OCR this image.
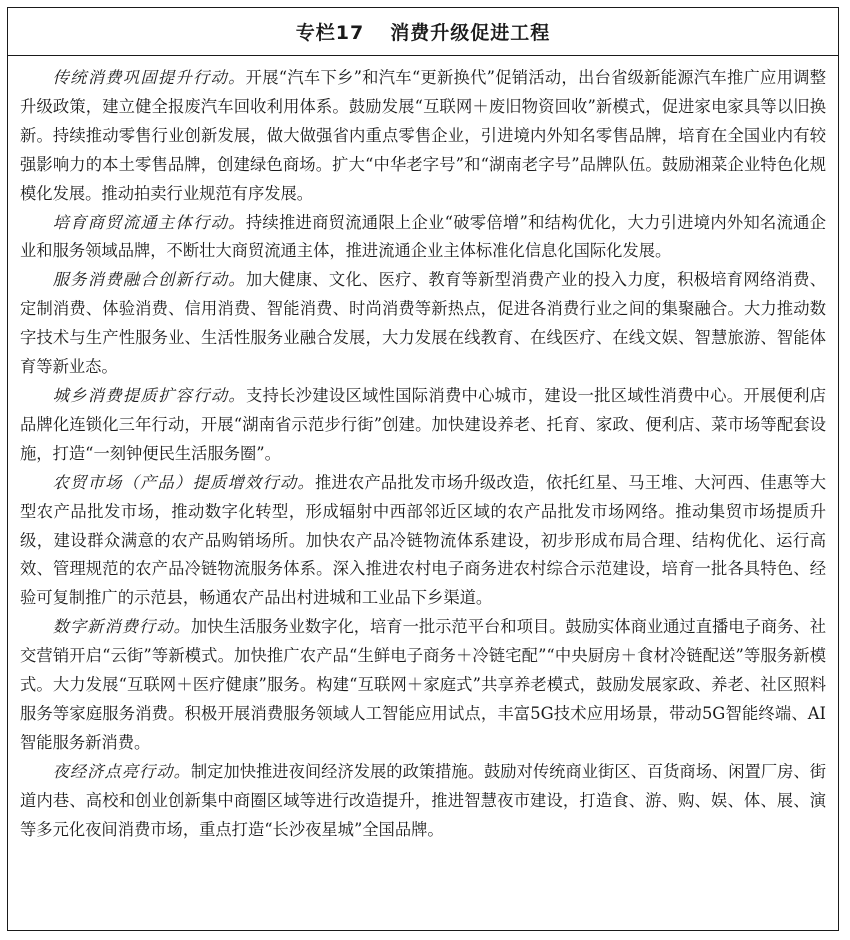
专栏17 消费升级促进工程

传统消费巩固提升行动。开展“汽车下乡”和汽车“更新换代”促销活动，出台省级新能源汽车推广应用调整升级政策，建立健全报废汽车回收利用体系。鼓励发展“互联网＋废旧物资回收”新模式，促进家电家具等以旧换新。持续推动零售行业创新发展，做大做强省内重点零售企业，引进境内外知名零售品牌，培育在全国业内有较强影响力的本土零售品牌，创建绿色商场。扩大“中华老字号”和“湖南老字号”品牌队伍。鼓励湘菜企业特色化规模化发展。推动拍卖行业规范有序发展。

培育商贸流通主体行动。持续推进商贸流通限上企业“破零倍增”和结构优化，大力引进境内外知名流通企业和服务领域品牌，不断壮大商贸流通主体，推进流通企业主体标准化信息化国际化发展。

服务消费融合创新行动。加大健康、文化、医疗、教育等新型消费产业的投入力度，积极培育网络消费、定制消费、体验消费、信用消费、智能消费、时尚消费等新热点，促进各消费行业之间的集聚融合。大力推动数字技术与生产性服务业、生活性服务业融合发展，大力发展在线教育、在线医疗、在线文娱、智慧旅游、智能体育等新业态。

城乡消费提质扩容行动。支持长沙建设区域性国际消费中心城市，建设一批区域性消费中心。开展便利店品牌化连锁化三年行动，开展“湖南省示范步行街”创建。加快建设养老、托育、家政、便利店、菜市场等配套设施，打造“一刻钟便民生活服务圈”。

农贸市场（产品）提质增效行动。推进农产品批发市场升级改造，依托红星、马王堆、大河西、佳惠等大型农产品批发市场，推动数字化转型，形成辐射中西部邻近区域的农产品批发市场网络。推动集贸市场提质升级，建设群众满意的农产品购销场所。加快农产品冷链物流体系建设，初步形成布局合理、结构优化、运行高效、管理规范的农产品冷链物流服务体系。深入推进农村电子商务进农村综合示范建设，培育一批各具特色、经验可复制推广的示范县，畅通农产品出村进城和工业品下乡渠道。

数字新消费行动。加快生活服务业数字化，培育一批示范平台和项目。鼓励实体商业通过直播电子商务、社交营销开启“云街”等新模式。加快推广农产品“生鲜电子商务＋冷链宅配”“中央厨房＋食材冷链配送”等服务新模式。大力发展“互联网＋医疗健康”服务。构建“互联网＋家庭式”共享养老模式，鼓励发展家政、养老、社区照料服务等家庭服务消费。积极开展消费服务领域人工智能应用试点，丰富5G技术应用场景，带动5G智能终端、AI智能服务新消费。

夜经济点亮行动。制定加快推进夜间经济发展的政策措施。鼓励对传统商业街区、百货商场、闲置厂房、街道内巷、高校和创业创新集中商圈区域等进行改造提升，推进智慧夜市建设，打造食、游、购、娱、体、展、演等多元化夜间消费市场，重点打造“长沙夜星城”全国品牌。
